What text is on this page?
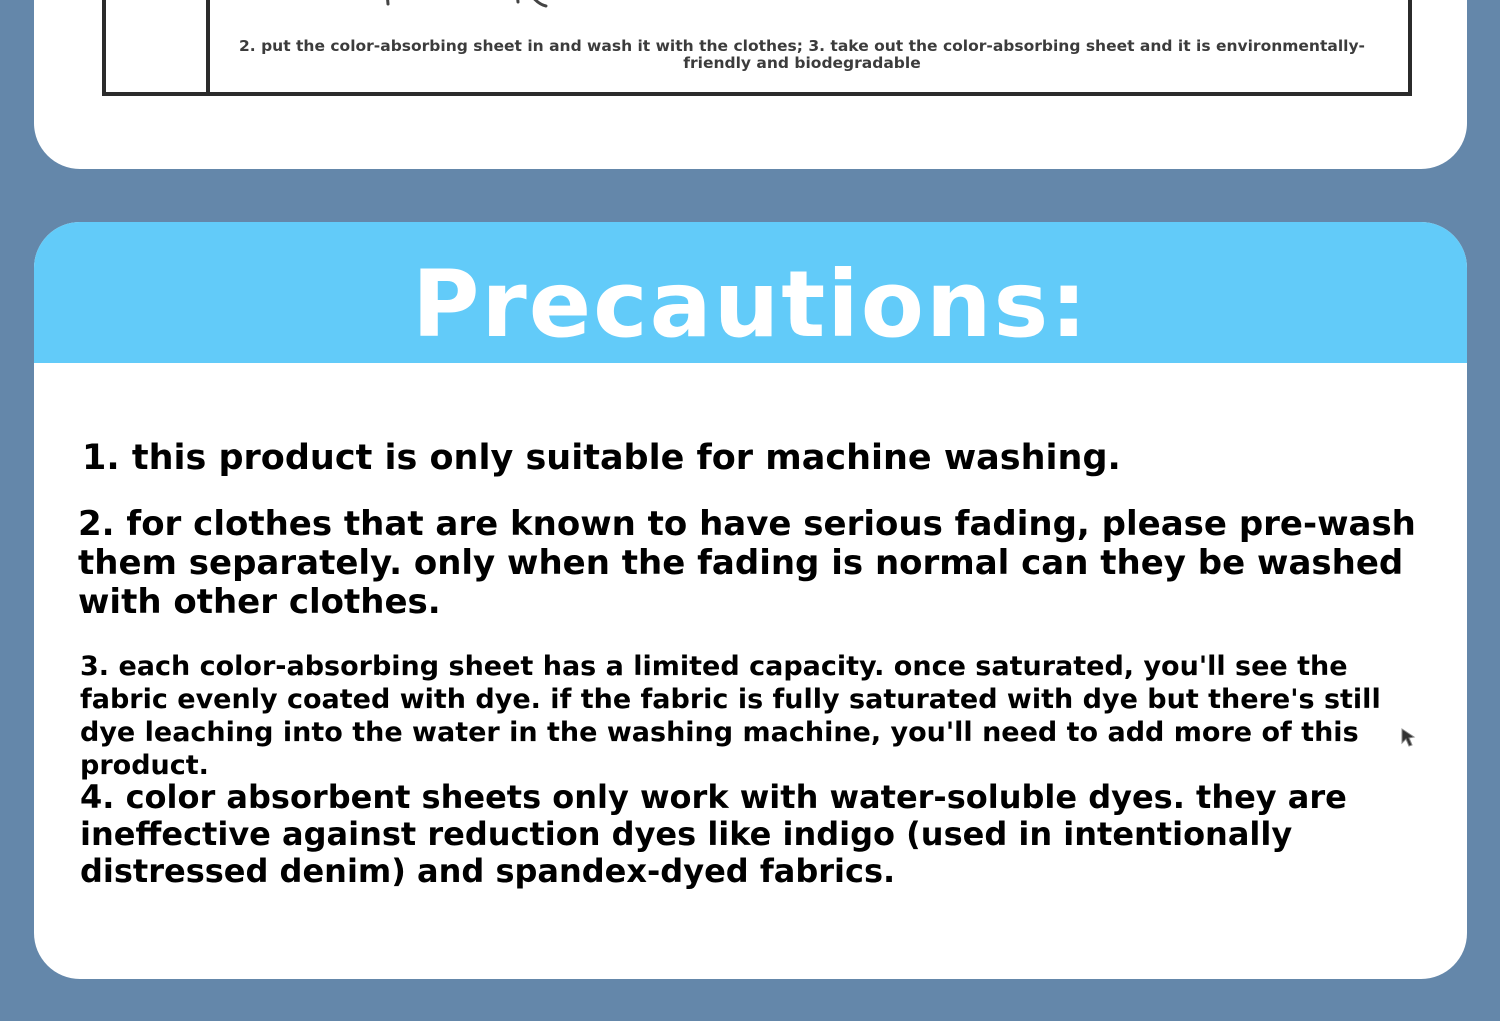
2. put the color-absorbing sheet in and wash it with the clothes; 3. take out the color-absorbing sheet and it is environmentally-friendly and biodegradable

Precautions:

1. this product is only suitable for machine washing.

2. for clothes that are known to have serious fading, please pre-wash them separately. only when the fading is normal can they be washed with other clothes.

3. each color-absorbing sheet has a limited capacity. once saturated, you'll see the fabric evenly coated with dye. if the fabric is fully saturated with dye but there's still dye leaching into the water in the washing machine, you'll need to add more of this product.

4. color absorbent sheets only work with water-soluble dyes. they are ineffective against reduction dyes like indigo (used in intentionally distressed denim) and spandex-dyed fabrics.
